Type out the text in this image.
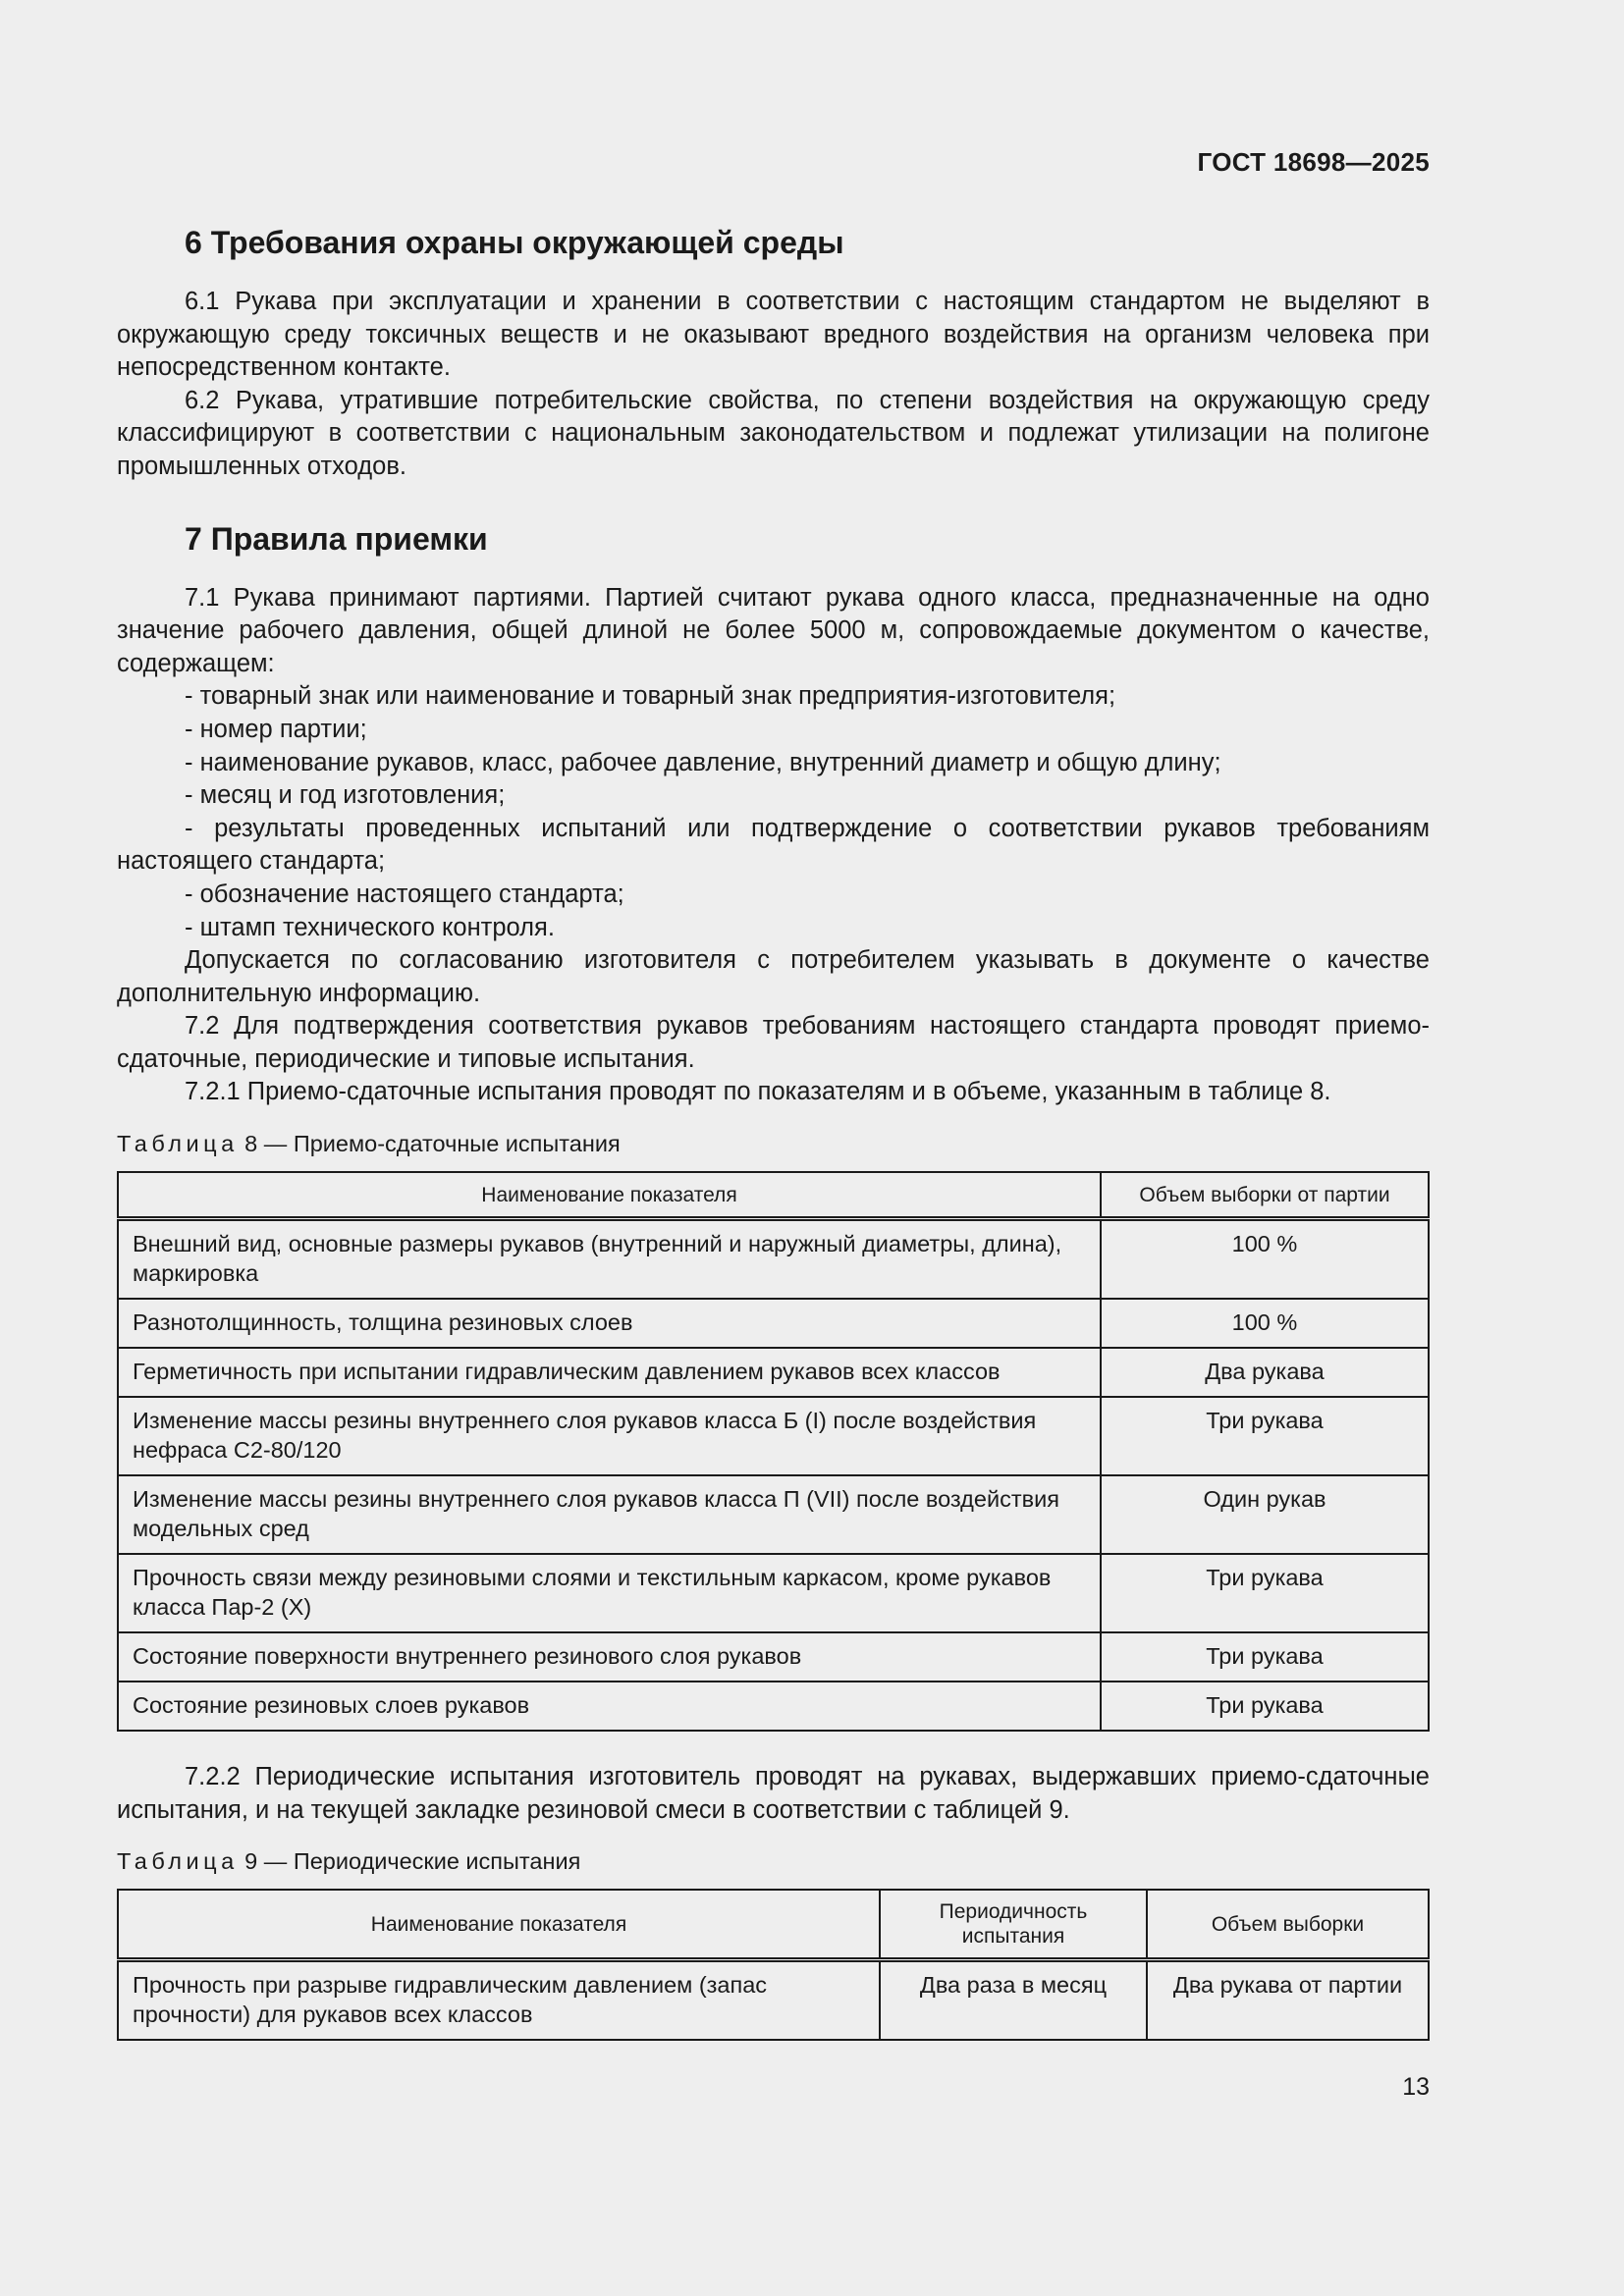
ГОСТ 18698—2025
6 Требования охраны окружающей среды

6.1 Рукава при эксплуатации и хранении в соответствии с настоящим стандартом не выделяют в окружающую среду токсичных веществ и не оказывают вредного воздействия на организм человека при непосредственном контакте.

6.2 Рукава, утратившие потребительские свойства, по степени воздействия на окружающую среду классифицируют в соответствии с национальным законодательством и подлежат утилизации на полигоне промышленных отходов.

7 Правила приемки

7.1 Рукава принимают партиями. Партией считают рукава одного класса, предназначенные на одно значение рабочего давления, общей длиной не более 5000 м, сопровождаемые документом о качестве, содержащем:

- товарный знак или наименование и товарный знак предприятия-изготовителя;
- номер партии;
- наименование рукавов, класс, рабочее давление, внутренний диаметр и общую длину;
- месяц и год изготовления;
- результаты проведенных испытаний или подтверждение о соответствии рукавов требованиям настоящего стандарта;
- обозначение настоящего стандарта;
- штамп технического контроля.

Допускается по согласованию изготовителя с потребителем указывать в документе о качестве дополнительную информацию.

7.2 Для подтверждения соответствия рукавов требованиям настоящего стандарта проводят приемо-сдаточные, периодические и типовые испытания.

7.2.1 Приемо-сдаточные испытания проводят по показателям и в объеме, указанным в таблице 8.

Таблица 8 — Приемо-сдаточные испытания
Наименование показателя	Объем выборки от партии
Внешний вид, основные размеры рукавов (внутренний и наружный диаметры, длина), маркировка	100 %
Разнотолщинность, толщина резиновых слоев	100 %
Герметичность при испытании гидравлическим давлением рукавов всех классов	Два рукава
Изменение массы резины внутреннего слоя рукавов класса Б (I) после воздействия нефраса С2-80/120	Три рукава
Изменение массы резины внутреннего слоя рукавов класса П (VII) после воздействия модельных сред	Один рукав
Прочность связи между резиновыми слоями и текстильным каркасом, кроме рукавов класса Пар-2 (X)	Три рукава
Состояние поверхности внутреннего резинового слоя рукавов	Три рукава
Состояние резиновых слоев рукавов	Три рукава

7.2.2 Периодические испытания изготовитель проводят на рукавах, выдержавших приемо-сдаточные испытания, и на текущей закладке резиновой смеси в соответствии с таблицей 9.

Таблица 9 — Периодические испытания
Наименование показателя	Периодичность испытания	Объем выборки
Прочность при разрыве гидравлическим давлением (запас прочности) для рукавов всех классов	Два раза в месяц	Два рукава от партии
13
